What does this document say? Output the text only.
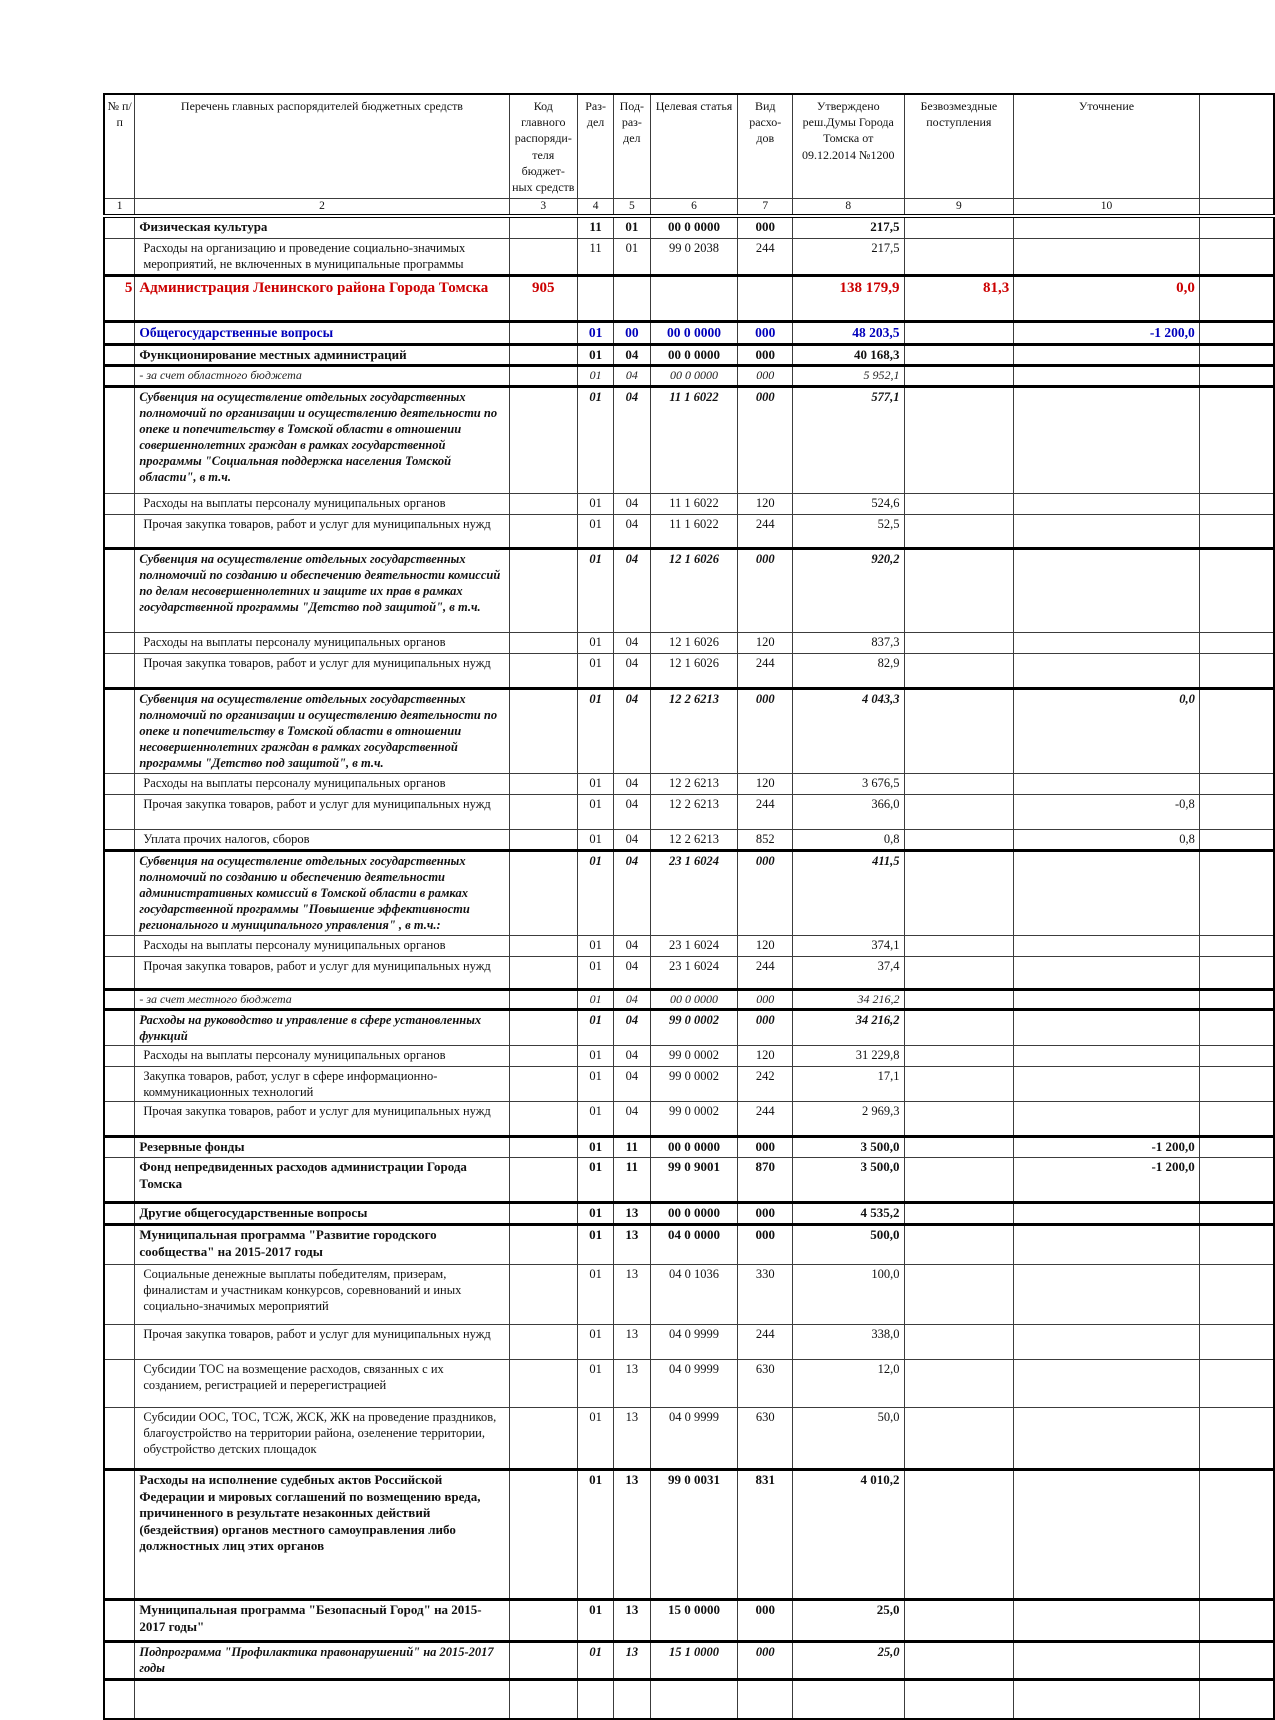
№ п/п	Перечень главных распорядителей бюджетных средств	Код главного распоряди-теля бюджет-ных средств	Раз-дел	Под-раз-дел	Целевая статья	Вид расхо-дов	Утверждено реш.Думы Города Томска от 09.12.2014 №1200	Безвозмездные поступления	Уточнение	
1	2	3	4	5	6	7	8	9	10	
	Физическая культура		11	01	00 0 0000	000	217,5			
	Расходы на организацию и проведение социально-значимых мероприятий, не включенных в муниципальные программы		11	01	99 0 2038	244	217,5			
5	Администрация Ленинского района Города Томска	905					138 179,9	81,3	0,0	
	Общегосударственные вопросы		01	00	00 0 0000	000	48 203,5		-1 200,0	
	Функционирование местных администраций		01	04	00 0 0000	000	40 168,3			
	- за счет областного бюджета		01	04	00 0 0000	000	5 952,1			
	Субвенция на осуществление отдельных государственных полномочий по организации и осуществлению деятельности по опеке и попечительству в Томской области в отношении совершеннолетних граждан в рамках государственной программы "Социальная поддержка населения Томской области", в т.ч.		01	04	11 1 6022	000	577,1			
	Расходы на выплаты персоналу муниципальных органов		01	04	11 1 6022	120	524,6			
	Прочая закупка товаров, работ и услуг для муниципальных нужд		01	04	11 1 6022	244	52,5			
	Субвенция на осуществление отдельных государственных полномочий по созданию и обеспечению деятельности комиссий по делам несовершеннолетних и защите их прав в рамках государственной программы "Детство под защитой", в т.ч.		01	04	12 1 6026	000	920,2			
	Расходы на выплаты персоналу муниципальных органов		01	04	12 1 6026	120	837,3			
	Прочая закупка товаров, работ и услуг для муниципальных нужд		01	04	12 1 6026	244	82,9			
	Субвенция на осуществление отдельных государственных полномочий по организации и осуществлению деятельности по опеке и попечительству в Томской области в отношении несовершеннолетних граждан в рамках государственной программы "Детство под защитой", в т.ч.		01	04	12 2 6213	000	4 043,3		0,0	
	Расходы на выплаты персоналу муниципальных органов		01	04	12 2 6213	120	3 676,5			
	Прочая закупка товаров, работ и услуг для муниципальных нужд		01	04	12 2 6213	244	366,0		-0,8	
	Уплата прочих налогов, сборов		01	04	12 2 6213	852	0,8		0,8	
	Субвенция на осуществление отдельных государственных полномочий по созданию и обеспечению деятельности административных комиссий в Томской области в рамках государственной программы "Повышение эффективности регионального и муниципального управления" , в т.ч.:		01	04	23 1 6024	000	411,5			
	Расходы на выплаты персоналу муниципальных органов		01	04	23 1 6024	120	374,1			
	Прочая закупка товаров, работ и услуг для муниципальных нужд		01	04	23 1 6024	244	37,4			
	- за счет местного бюджета		01	04	00 0 0000	000	34 216,2			
	Расходы на руководство и управление в сфере установленных функций		01	04	99 0 0002	000	34 216,2			
	Расходы на выплаты персоналу муниципальных органов		01	04	99 0 0002	120	31 229,8			
	Закупка товаров, работ, услуг в сфере информационно-коммуникационных технологий		01	04	99 0 0002	242	17,1			
	Прочая закупка товаров, работ и услуг для муниципальных нужд		01	04	99 0 0002	244	2 969,3			
	Резервные фонды		01	11	00 0 0000	000	3 500,0		-1 200,0	
	Фонд непредвиденных расходов администрации Города Томска		01	11	99 0 9001	870	3 500,0		-1 200,0	
	Другие общегосударственные вопросы		01	13	00 0 0000	000	4 535,2			
	Муниципальная программа "Развитие городского сообщества" на 2015-2017 годы		01	13	04 0 0000	000	500,0			
	Социальные денежные выплаты победителям, призерам, финалистам и участникам конкурсов, соревнований и иных социально-значимых мероприятий		01	13	04 0 1036	330	100,0			
	Прочая закупка товаров, работ и услуг для муниципальных нужд		01	13	04 0 9999	244	338,0			
	Субсидии ТОС на возмещение расходов, связанных с их созданием, регистрацией и перерегистрацией		01	13	04 0 9999	630	12,0			
	Субсидии ООС, ТОС, ТСЖ, ЖСК, ЖК на проведение праздников, благоустройство на территории района, озеленение территории, обустройство детских площадок		01	13	04 0 9999	630	50,0			
	Расходы на исполнение судебных актов Российской Федерации и мировых соглашений по возмещению вреда, причиненного в результате незаконных действий (бездействия) органов местного самоуправления либо должностных лиц этих органов		01	13	99 0 0031	831	4 010,2			
	Муниципальная программа "Безопасный Город" на 2015-2017 годы"		01	13	15 0 0000	000	25,0			
	Подпрограмма "Профилактика правонарушений" на 2015-2017 годы		01	13	15 1 0000	000	25,0			
